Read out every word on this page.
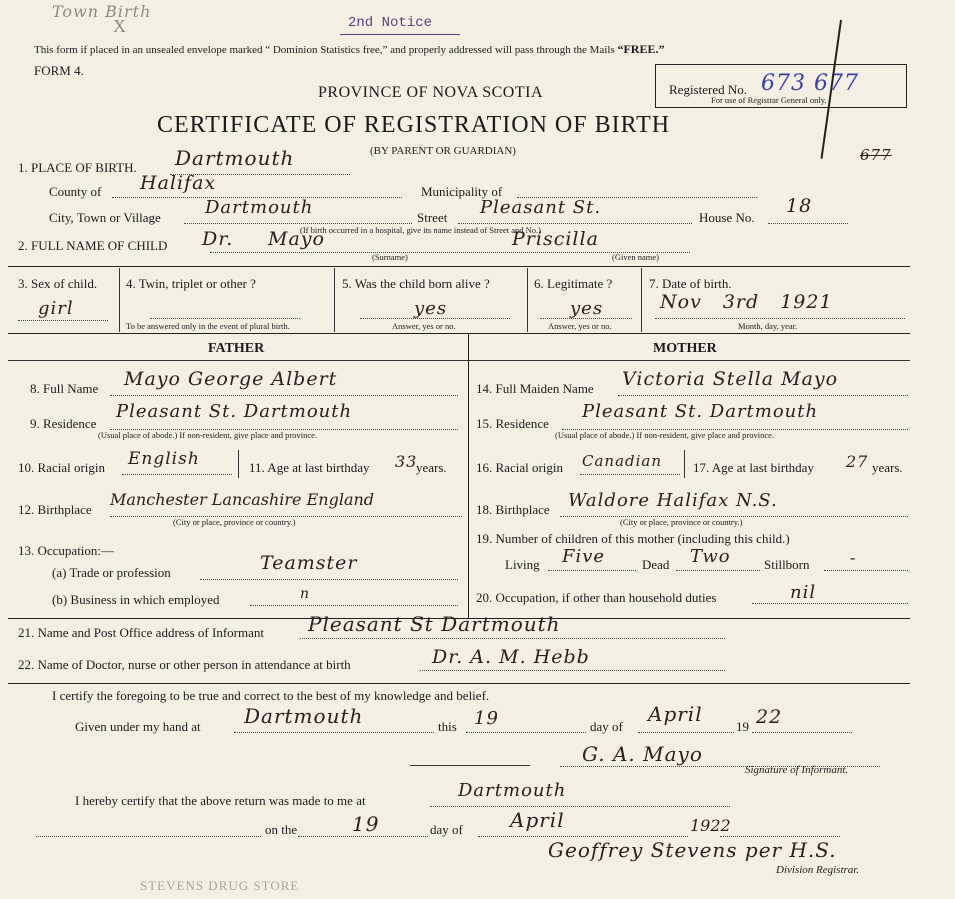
Town Birth
X	2nd Notice
This form if placed in an unsealed envelope marked “ Dominion Statistics free,” and properly addressed will pass through the Mails “FREE.”
FORM 4.
PROVINCE OF NOVA SCOTIA
CERTIFICATE OF REGISTRATION OF BIRTH
(BY PARENT OR GUARDIAN)
Registered No. 673 677
For use of Registrar General only.
677
1. PLACE OF BIRTH. Dartmouth
County of Halifax	Municipality of
City, Town or Village Dartmouth	Street Pleasant St.	House No.
18
(If birth occurred in a hospital, give its name instead of Street and No.)
2. FULL NAME OF CHILD Dr. Mayo	Priscilla
(Surname)	(Given name)
3. Sex of child.
girl
4. Twin, triplet or other ?
To be answered only in the event of plural birth.
5. Was the child born alive ?
yes
Answer, yes or no.
6. Legitimate ?
yes
Answer, yes or no.
7. Date of birth.
Nov 3rd 1921
Month, day, year.
FATHER	MOTHER
8. Full Name Mayo George Albert
9. Residence
Pleasant St. Dartmouth
(Usual place of abode.) If non-resident, give place and province.
10. Racial origin English	11. Age at last birthday 33
years.
12. Birthplace
Manchester Lancashire England
(City or place, province or country.)
13. Occupation:—
(a) Trade or profession	Teamster
(b) Business in which employed	n
14. Full Maiden Name Victoria Stella Mayo
15. Residence
Pleasant St. Dartmouth
(Usual place of abode.) If non-resident, give place and province.
16. Racial origin Canadian 17. Age at last birthday 27 years.
18. Birthplace Waldore Halifax N.S.
(City or place, province or country.)
19. Number of children of this mother (including this child.)
Living Five	Dead Two	Stillborn	-
20. Occupation, if other than household duties	nil
21. Name and Post Office address of Informant Pleasant St Dartmouth
22. Name of Doctor, nurse or other person in attendance at birth	Dr. A. M. Hebb
I certify the foregoing to be true and correct to the best of my knowledge and belief.
Given under my hand at Dartmouth	this 19	day of
April
19 22
G. A. Mayo
Signature of Informant.
I hereby certify that the above return was made to me at	Dartmouth
on the	19	day of April	1922
Geoffrey Stevens per H.S.
Division Registrar.
STEVENS DRUG STORE
